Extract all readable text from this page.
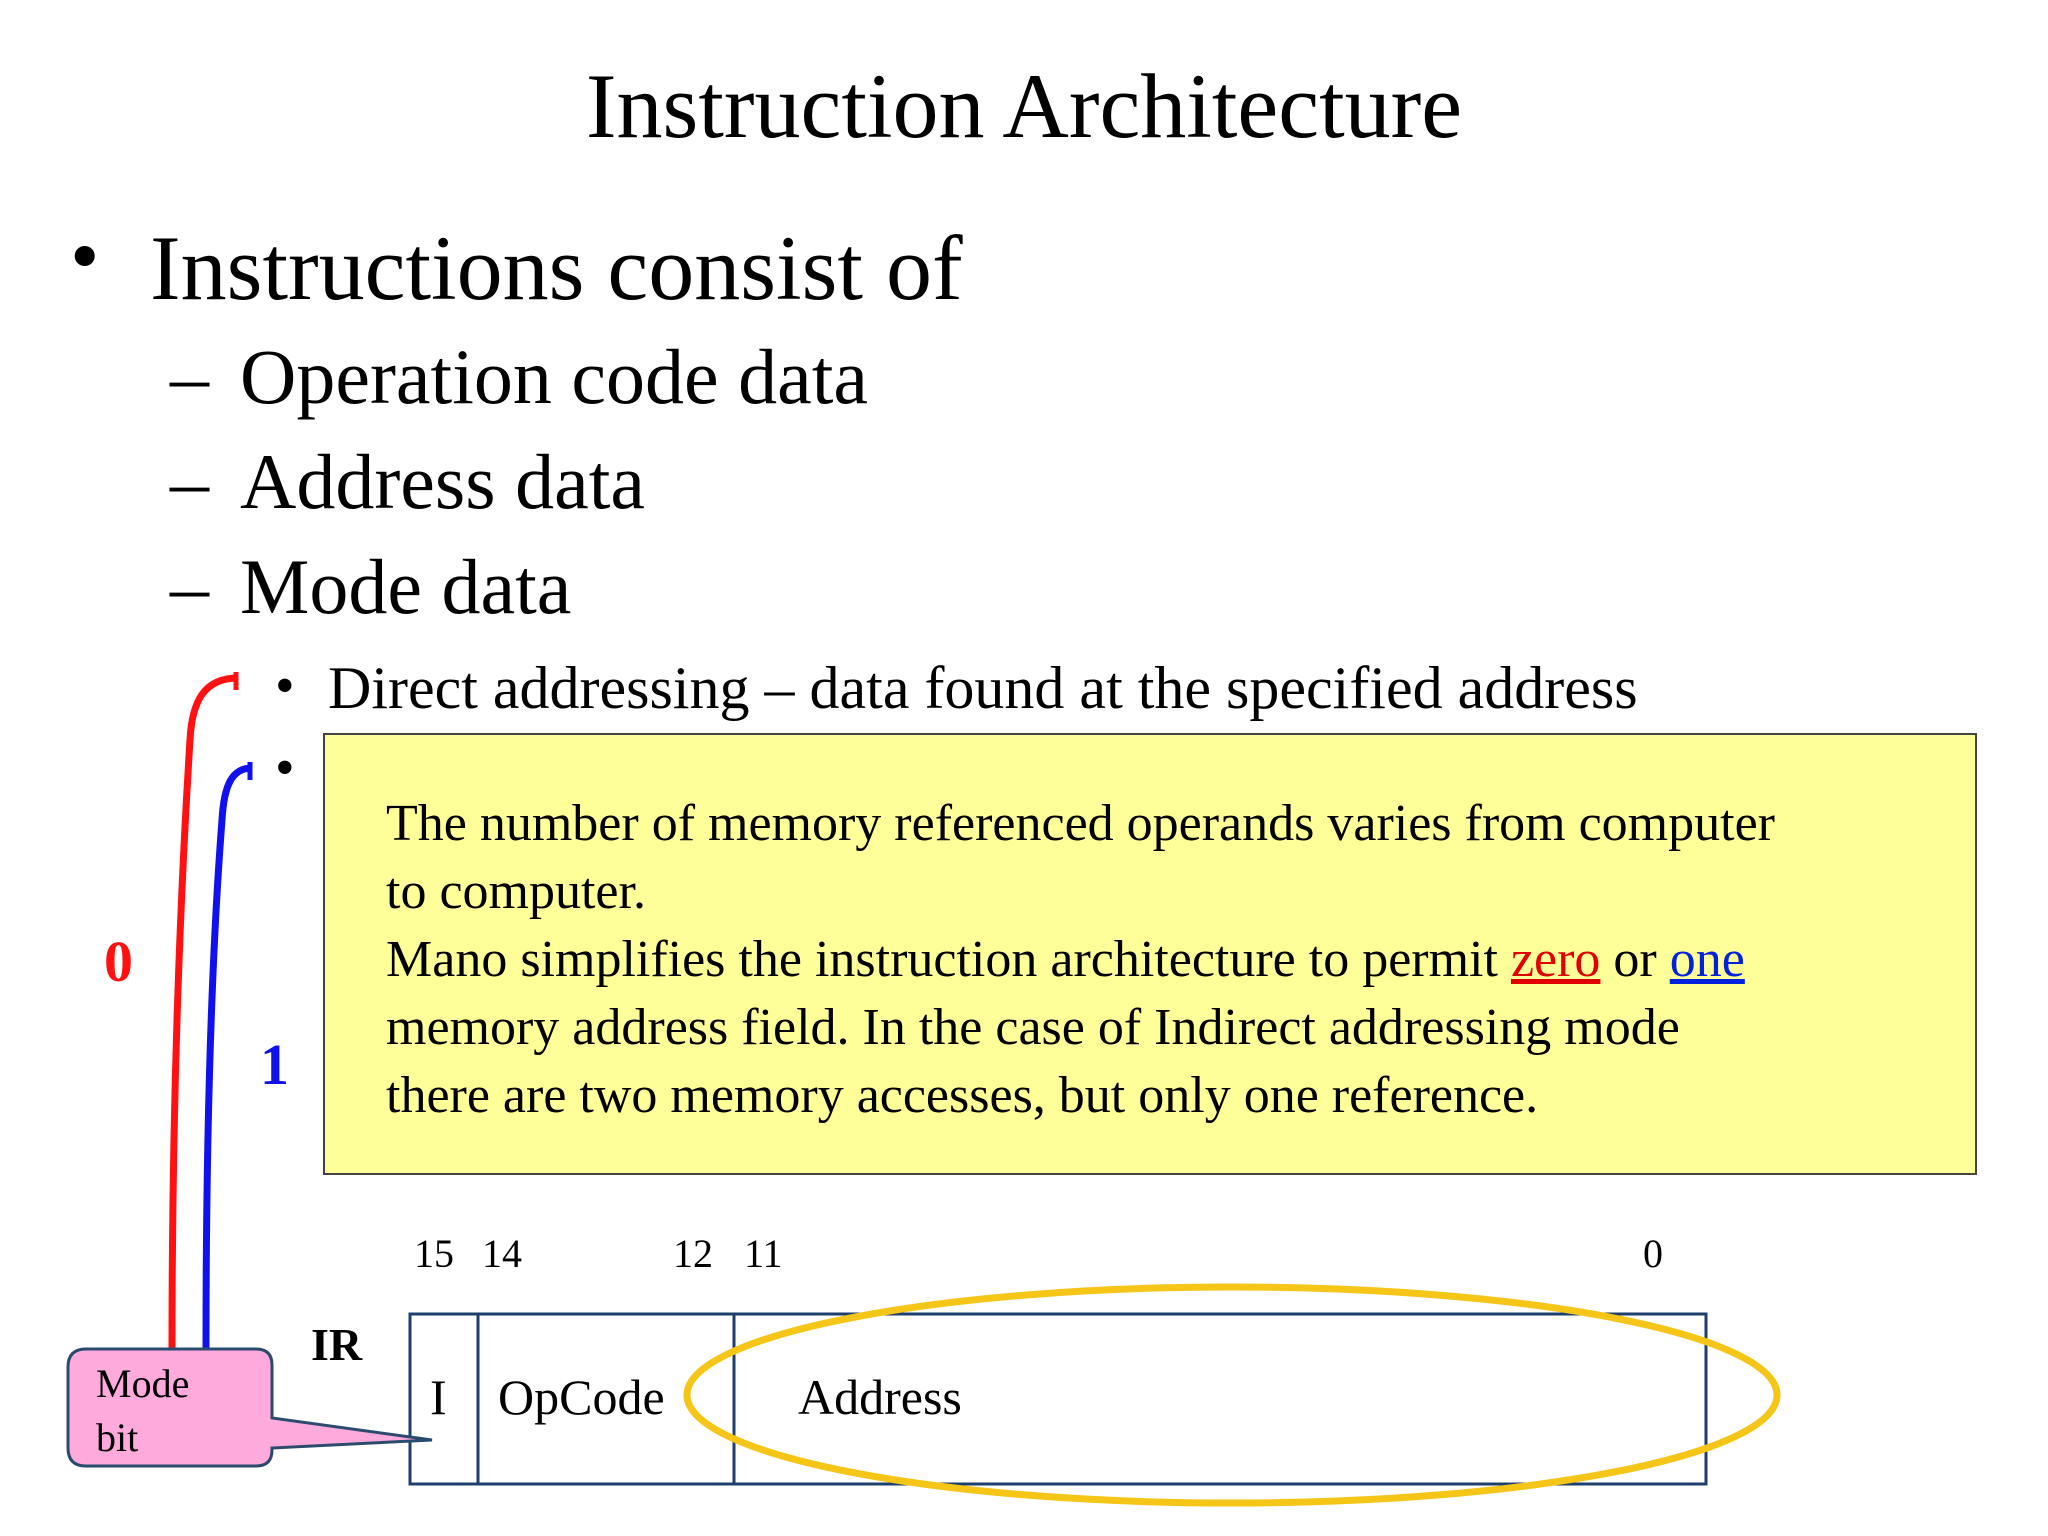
Instruction Architecture
• Instructions consist of
– Operation code data
– Address data
– Mode data
• Direct addressing – data found at the specified address
•
0
1
15 14	12 11	0
IR
I OpCode	Address
Mode
bit
The number of memory referenced operands varies from computer
to computer.
Mano simplifies the instruction architecture to permit zero or one
memory address field. In the case of Indirect addressing mode
there are two memory accesses, but only one reference.
